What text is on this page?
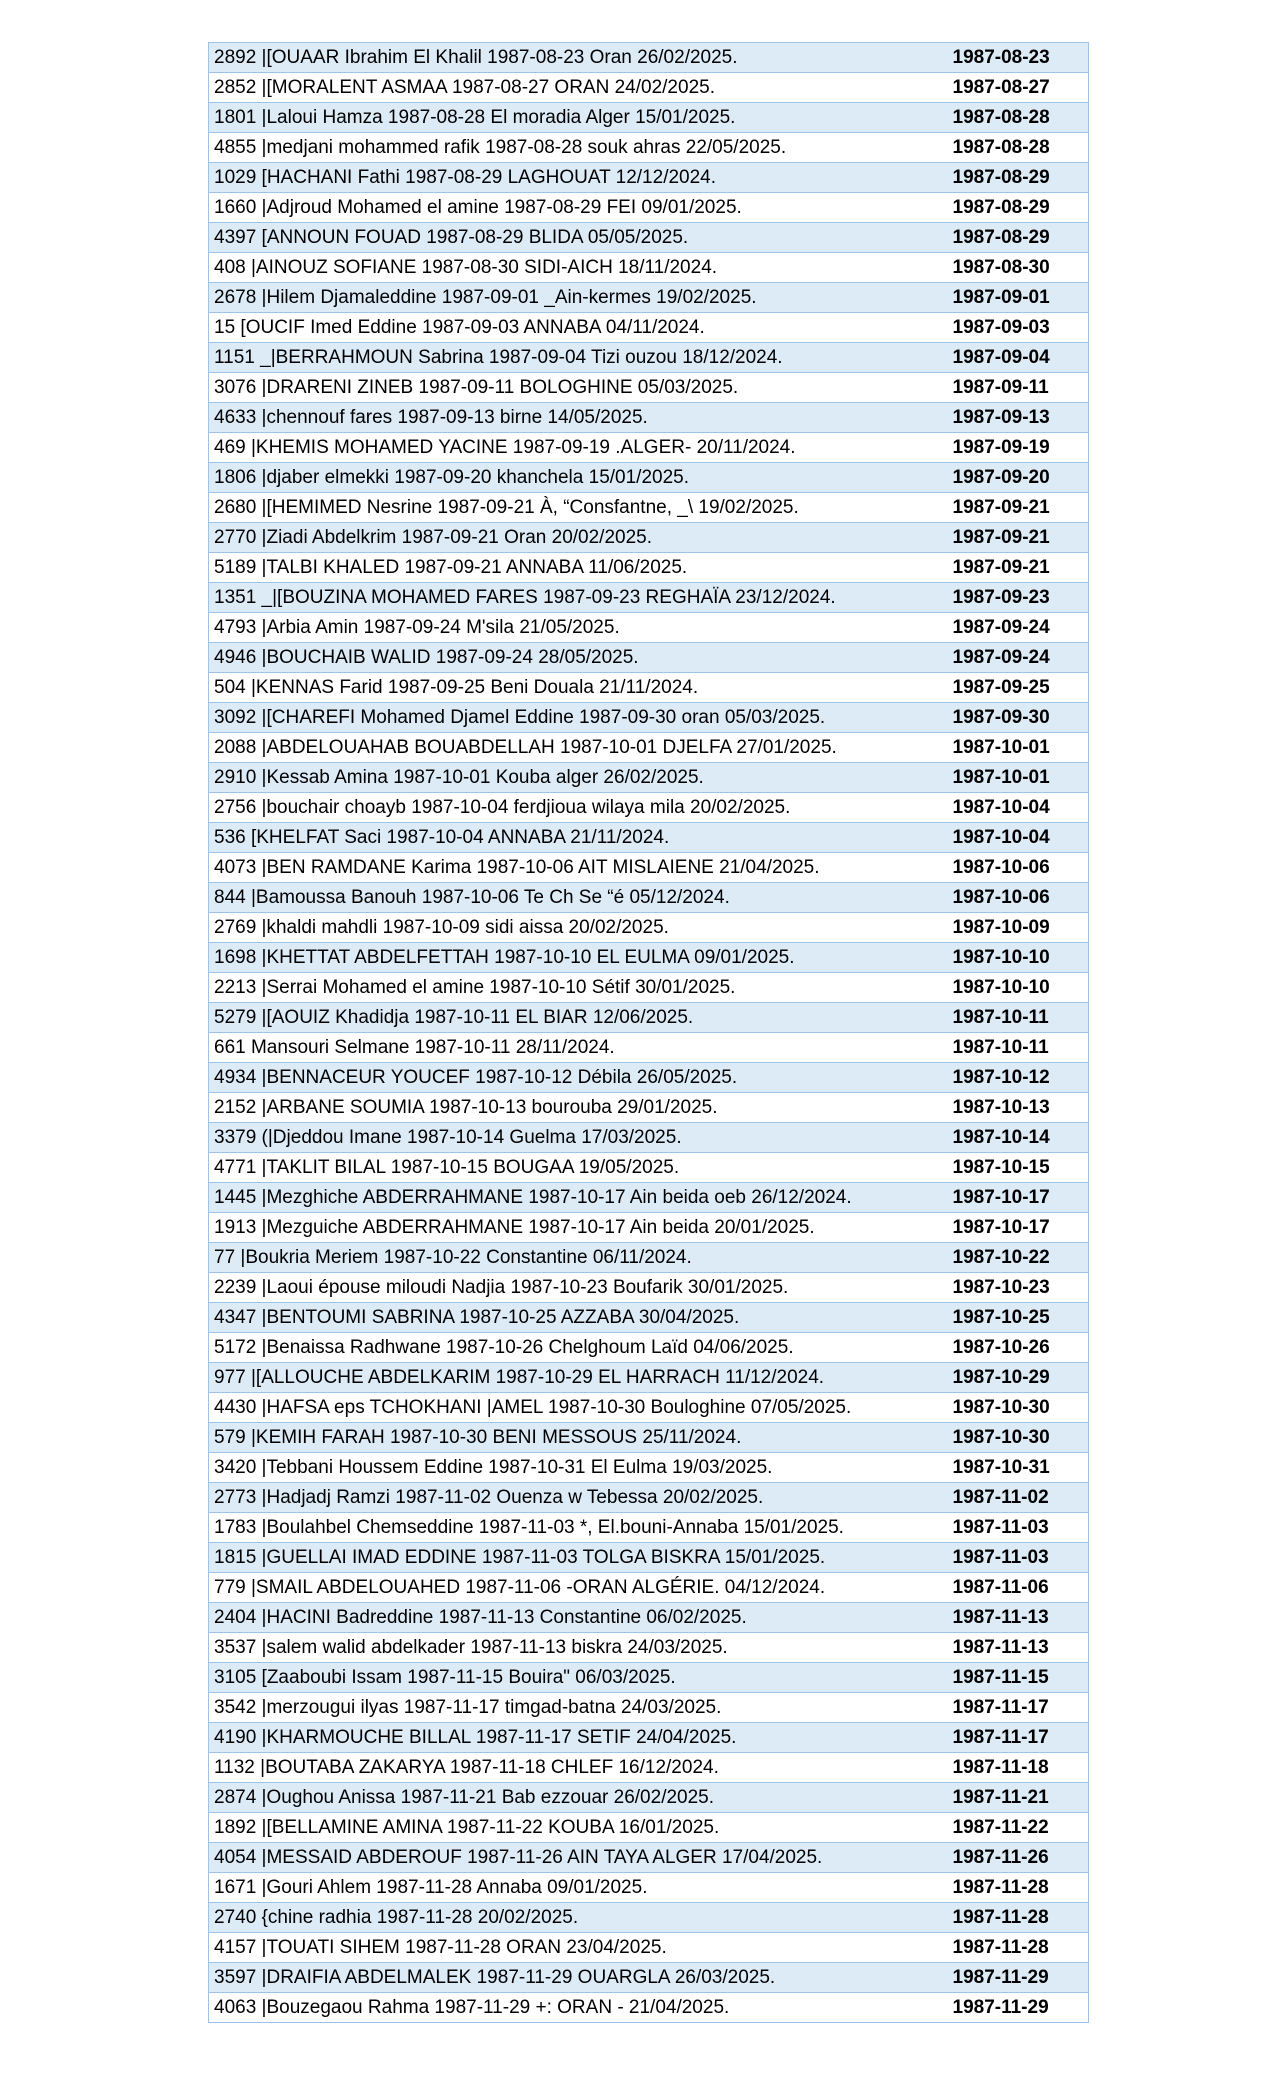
2892 |[OUAAR Ibrahim El Khalil 1987-08-23 Oran 26/02/2025.	1987-08-23
2852 |[MORALENT ASMAA 1987-08-27 ORAN 24/02/2025.	1987-08-27
1801 |Laloui Hamza 1987-08-28 El moradia Alger 15/01/2025.	1987-08-28
4855 |medjani mohammed rafik 1987-08-28 souk ahras 22/05/2025.	1987-08-28
1029 [HACHANI Fathi 1987-08-29 LAGHOUAT 12/12/2024.	1987-08-29
1660 |Adjroud Mohamed el amine 1987-08-29 FEI 09/01/2025.	1987-08-29
4397 [ANNOUN FOUAD 1987-08-29 BLIDA 05/05/2025.	1987-08-29
408 |AINOUZ SOFIANE 1987-08-30 SIDI-AICH 18/11/2024.	1987-08-30
2678 |Hilem Djamaleddine 1987-09-01 _Ain-kermes 19/02/2025.	1987-09-01
15 [OUCIF Imed Eddine 1987-09-03 ANNABA 04/11/2024.	1987-09-03
1151 _|BERRAHMOUN Sabrina 1987-09-04 Tizi ouzou 18/12/2024.	1987-09-04
3076 |DRARENI ZINEB 1987-09-11 BOLOGHINE 05/03/2025.	1987-09-11
4633 |chennouf fares 1987-09-13 birne 14/05/2025.	1987-09-13
469 |KHEMIS MOHAMED YACINE 1987-09-19 .ALGER- 20/11/2024.	1987-09-19
1806 |djaber elmekki 1987-09-20 khanchela 15/01/2025.	1987-09-20
2680 |[HEMIMED Nesrine 1987-09-21 À, “Consfantne, _\ 19/02/2025.	1987-09-21
2770 |Ziadi Abdelkrim 1987-09-21 Oran 20/02/2025.	1987-09-21
5189 |TALBI KHALED 1987-09-21 ANNABA 11/06/2025.	1987-09-21
1351 _|[BOUZINA MOHAMED FARES 1987-09-23 REGHAÏA 23/12/2024.	1987-09-23
4793 |Arbia Amin 1987-09-24 M'sila 21/05/2025.	1987-09-24
4946 |BOUCHAIB WALID 1987-09-24 28/05/2025.	1987-09-24
504 |KENNAS Farid 1987-09-25 Beni Douala 21/11/2024.	1987-09-25
3092 |[CHAREFI Mohamed Djamel Eddine 1987-09-30 oran 05/03/2025.	1987-09-30
2088 |ABDELOUAHAB BOUABDELLAH 1987-10-01 DJELFA 27/01/2025.	1987-10-01
2910 |Kessab Amina 1987-10-01 Kouba alger 26/02/2025.	1987-10-01
2756 |bouchair choayb 1987-10-04 ferdjioua wilaya mila 20/02/2025.	1987-10-04
536 [KHELFAT Saci 1987-10-04 ANNABA 21/11/2024.	1987-10-04
4073 |BEN RAMDANE Karima 1987-10-06 AIT MISLAIENE 21/04/2025.	1987-10-06
844 |Bamoussa Banouh 1987-10-06 Te Ch Se “é 05/12/2024.	1987-10-06
2769 |khaldi mahdli 1987-10-09 sidi aissa 20/02/2025.	1987-10-09
1698 |KHETTAT ABDELFETTAH 1987-10-10 EL EULMA 09/01/2025.	1987-10-10
2213 |Serrai Mohamed el amine 1987-10-10 Sétif 30/01/2025.	1987-10-10
5279 |[AOUIZ Khadidja 1987-10-11 EL BIAR 12/06/2025.	1987-10-11
661 Mansouri Selmane 1987-10-11 28/11/2024.	1987-10-11
4934 |BENNACEUR YOUCEF 1987-10-12 Débila 26/05/2025.	1987-10-12
2152 |ARBANE SOUMIA 1987-10-13 bourouba 29/01/2025.	1987-10-13
3379 (|Djeddou Imane 1987-10-14 Guelma 17/03/2025.	1987-10-14
4771 |TAKLIT BILAL 1987-10-15 BOUGAA 19/05/2025.	1987-10-15
1445 |Mezghiche ABDERRAHMANE 1987-10-17 Ain beida oeb 26/12/2024.	1987-10-17
1913 |Mezguiche ABDERRAHMANE 1987-10-17 Ain beida 20/01/2025.	1987-10-17
77 |Boukria Meriem 1987-10-22 Constantine 06/11/2024.	1987-10-22
2239 |Laoui épouse miloudi Nadjia 1987-10-23 Boufarik 30/01/2025.	1987-10-23
4347 |BENTOUMI SABRINA 1987-10-25 AZZABA 30/04/2025.	1987-10-25
5172 |Benaissa Radhwane 1987-10-26 Chelghoum Laïd 04/06/2025.	1987-10-26
977 |[ALLOUCHE ABDELKARIM 1987-10-29 EL HARRACH 11/12/2024.	1987-10-29
4430 |HAFSA eps TCHOKHANI |AMEL 1987-10-30 Bouloghine 07/05/2025.	1987-10-30
579 |KEMIH FARAH 1987-10-30 BENI MESSOUS 25/11/2024.	1987-10-30
3420 |Tebbani Houssem Eddine 1987-10-31 El Eulma 19/03/2025.	1987-10-31
2773 |Hadjadj Ramzi 1987-11-02 Ouenza w Tebessa 20/02/2025.	1987-11-02
1783 |Boulahbel Chemseddine 1987-11-03 *, El.bouni-Annaba 15/01/2025.	1987-11-03
1815 |GUELLAI IMAD EDDINE 1987-11-03 TOLGA BISKRA 15/01/2025.	1987-11-03
779 |SMAIL ABDELOUAHED 1987-11-06 -ORAN ALGÉRIE. 04/12/2024.	1987-11-06
2404 |HACINI Badreddine 1987-11-13 Constantine 06/02/2025.	1987-11-13
3537 |salem walid abdelkader 1987-11-13 biskra 24/03/2025.	1987-11-13
3105 [Zaaboubi Issam 1987-11-15 Bouira" 06/03/2025.	1987-11-15
3542 |merzougui ilyas 1987-11-17 timgad-batna 24/03/2025.	1987-11-17
4190 |KHARMOUCHE BILLAL 1987-11-17 SETIF 24/04/2025.	1987-11-17
1132 |BOUTABA ZAKARYA 1987-11-18 CHLEF 16/12/2024.	1987-11-18
2874 |Oughou Anissa 1987-11-21 Bab ezzouar 26/02/2025.	1987-11-21
1892 |[BELLAMINE AMINA 1987-11-22 KOUBA 16/01/2025.	1987-11-22
4054 |MESSAID ABDEROUF 1987-11-26 AIN TAYA ALGER 17/04/2025.	1987-11-26
1671 |Gouri Ahlem 1987-11-28 Annaba 09/01/2025.	1987-11-28
2740 {chine radhia 1987-11-28 20/02/2025.	1987-11-28
4157 |TOUATI SIHEM 1987-11-28 ORAN 23/04/2025.	1987-11-28
3597 |DRAIFIA ABDELMALEK 1987-11-29 OUARGLA 26/03/2025.	1987-11-29
4063 |Bouzegaou Rahma 1987-11-29 +: ORAN - 21/04/2025.	1987-11-29
